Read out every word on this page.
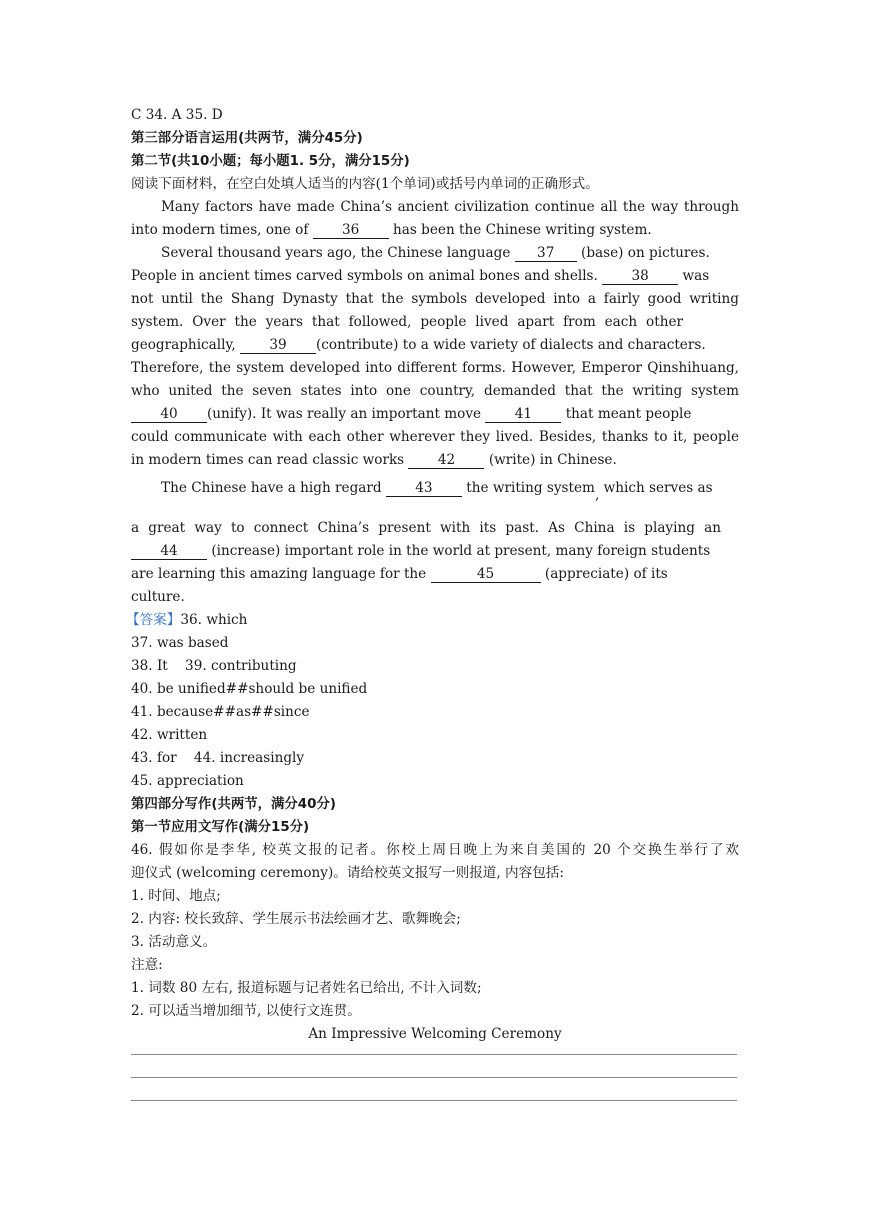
C 34. A 35. D
第三部分语言运用(共两节，满分45分)
第二节(共10小题；每小题1. 5分，满分15分)
阅读下面材料，在空白处填人适当的内容(1个单词)或括号内单词的正确形式。
Many factors have made China’s ancient civilization continue all the way through
into modern times, one of 36 has been the Chinese writing system.
Several thousand years ago, the Chinese language 37 (base) on pictures.
People in ancient times carved symbols on animal bones and shells. 38 was
not until the Shang Dynasty that the symbols developed into a fairly good writing
system. Over the years that followed, people lived apart from each other
geographically, 39 (contribute) to a wide variety of dialects and characters.
Therefore, the system developed into different forms. However, Emperor Qinshihuang,
who united the seven states into one country, demanded that the writing system
40 (unify). It was really an important move 41 that meant people
could communicate with each other wherever they lived. Besides, thanks to it, people
in modern times can read classic works 42 (write) in Chinese.
The Chinese have a high regard 43 the writing system, which serves as
a great way to connect China’s present with its past. As China is playing an
44 (increase) important role in the world at present, many foreign students
are learning this amazing language for the	45	(appreciate) of its
culture.
【答案】36. which
37. was based
38. It    39. contributing
40. be unified##should be unified
41. because##as##since
42. written
43. for    44. increasingly
45. appreciation
第四部分写作(共两节，满分40分)
第一节应用文写作(满分15分)
46. 假如你是李华, 校英文报的记者。你校上周日晚上为来自美国的 20 个交换生举行了欢
迎仪式 (welcoming ceremony)。请给校英文报写一则报道, 内容包括:
1. 时间、地点;
2. 内容: 校长致辞、学生展示书法绘画才艺、歌舞晚会;
3. 活动意义。
注意:
1. 词数 80 左右, 报道标题与记者姓名已给出, 不计入词数;
2. 可以适当增加细节, 以使行文连贯。
An Impressive Welcoming Ceremony
